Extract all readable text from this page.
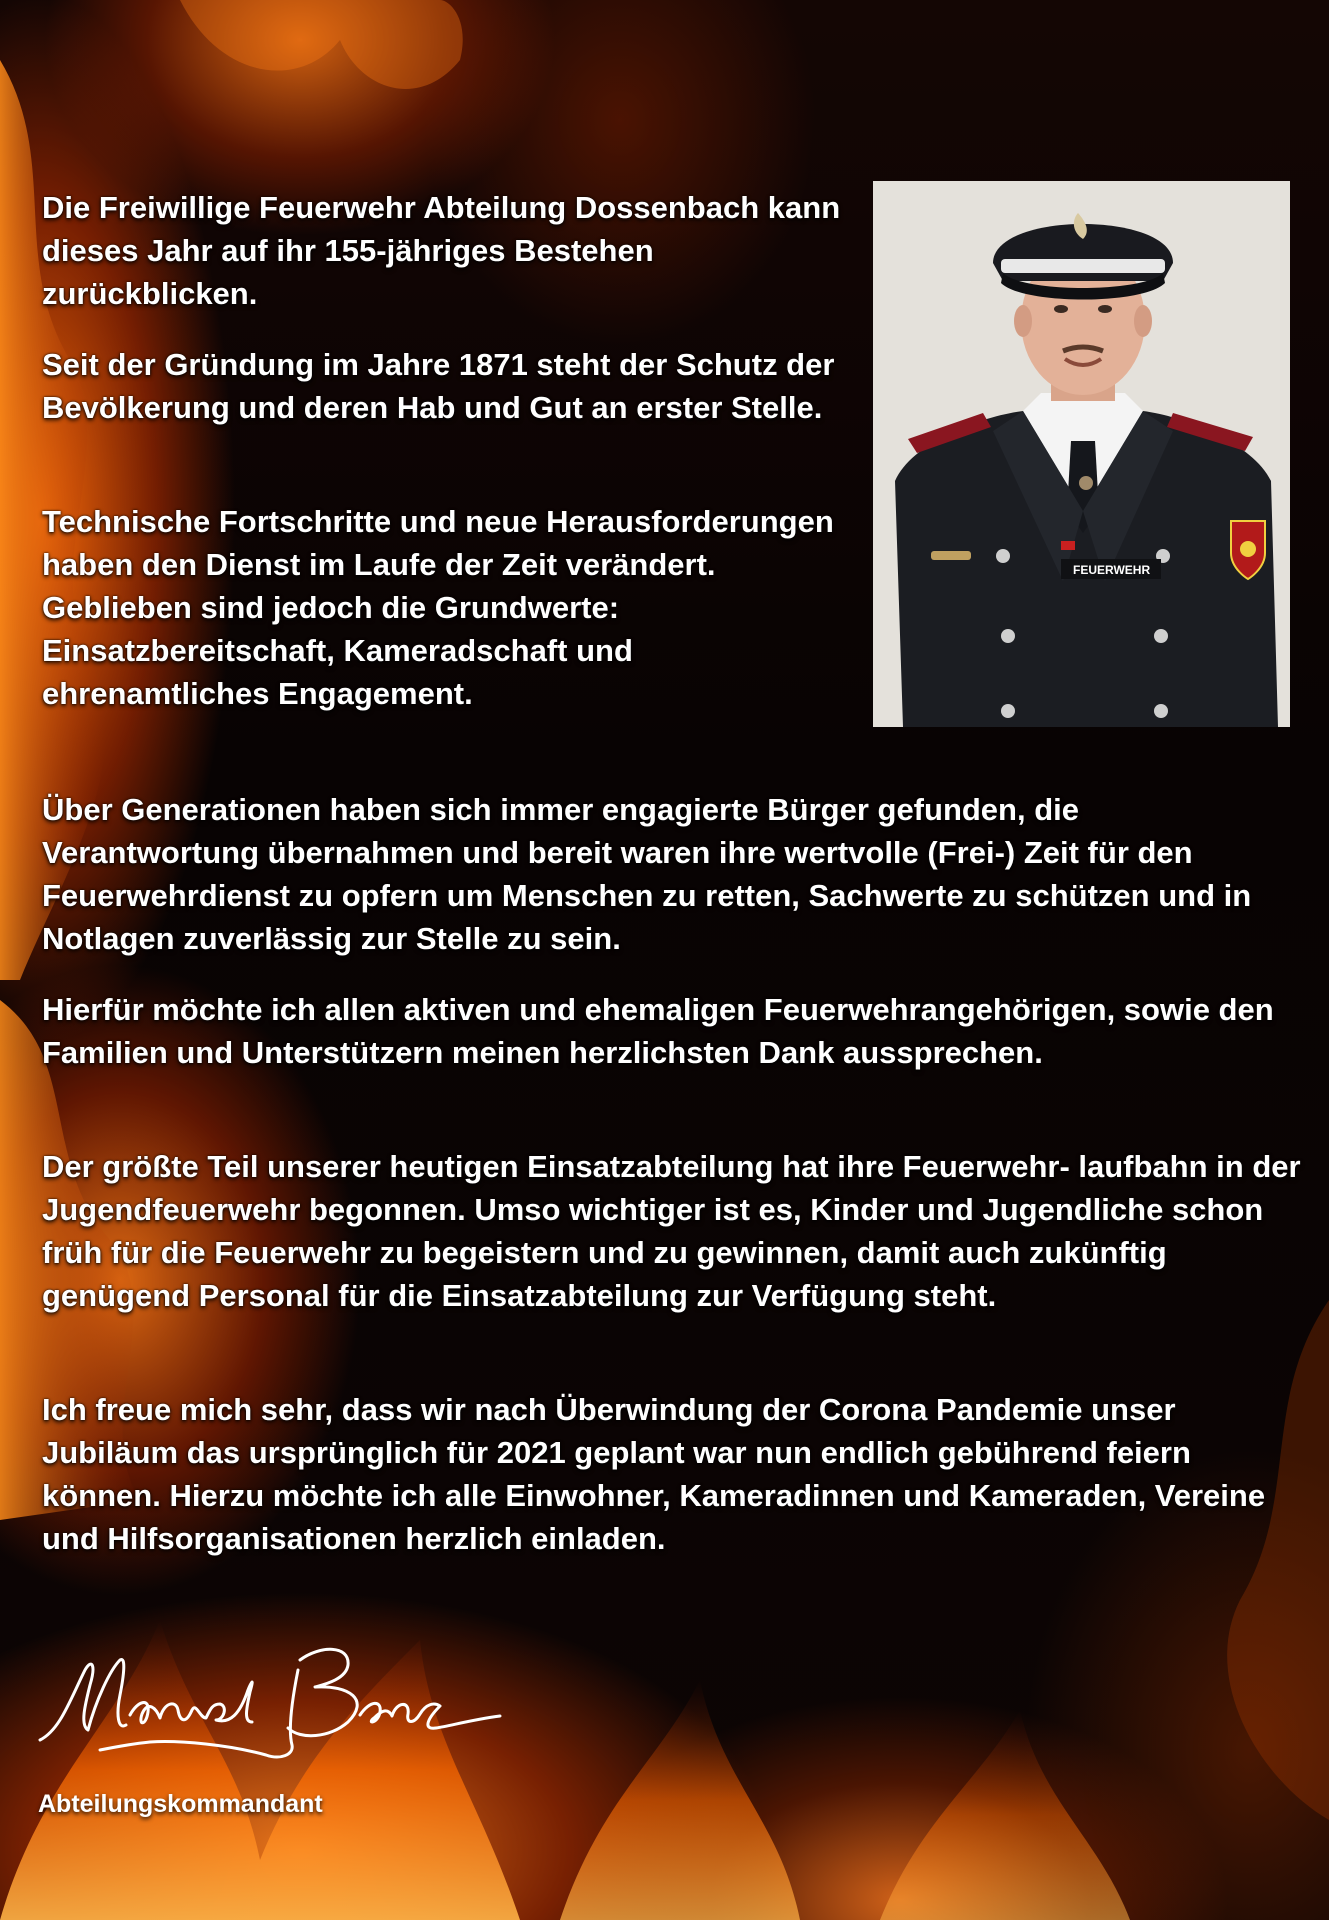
Die Freiwillige Feuerwehr Abteilung Dossenbach kann dieses Jahr auf ihr 155-jähriges Bestehen zurückblicken.

Seit der Gründung im Jahre 1871 steht der Schutz der Bevölkerung und deren Hab und Gut an erster Stelle.

Technische Fortschritte und neue Herausforderungen haben den Dienst im Laufe der Zeit verändert. Geblieben sind jedoch die Grundwerte: Einsatzbereitschaft, Kameradschaft und ehrenamtliches Engagement.

Über Generationen haben sich immer engagierte Bürger gefunden, die Verantwortung übernahmen und bereit waren ihre wertvolle (Frei-) Zeit für den Feuerwehrdienst zu opfern um Menschen zu retten, Sachwerte zu schützen und in Notlagen zuverlässig zur Stelle zu sein.

Hierfür möchte ich allen aktiven und ehemaligen Feuerwehrangehörigen, sowie den Familien und Unterstützern meinen herzlichsten Dank aussprechen.

Der größte Teil unserer heutigen Einsatzabteilung hat ihre Feuerwehr- laufbahn in der Jugendfeuerwehr begonnen. Umso wichtiger ist es, Kinder und Jugendliche schon früh für die Feuerwehr zu begeistern und zu gewinnen, damit auch zukünftig genügend Personal für die Einsatzabteilung zur Verfügung steht.

Ich freue mich sehr, dass wir nach Überwindung der Corona Pandemie unser Jubiläum das ursprünglich für 2021 geplant war nun endlich gebührend feiern können. Hierzu möchte ich alle Einwohner, Kameradinnen und Kameraden, Vereine und Hilfsorganisationen herzlich einladen.

FEUERWEHR

Abteilungskommandant
